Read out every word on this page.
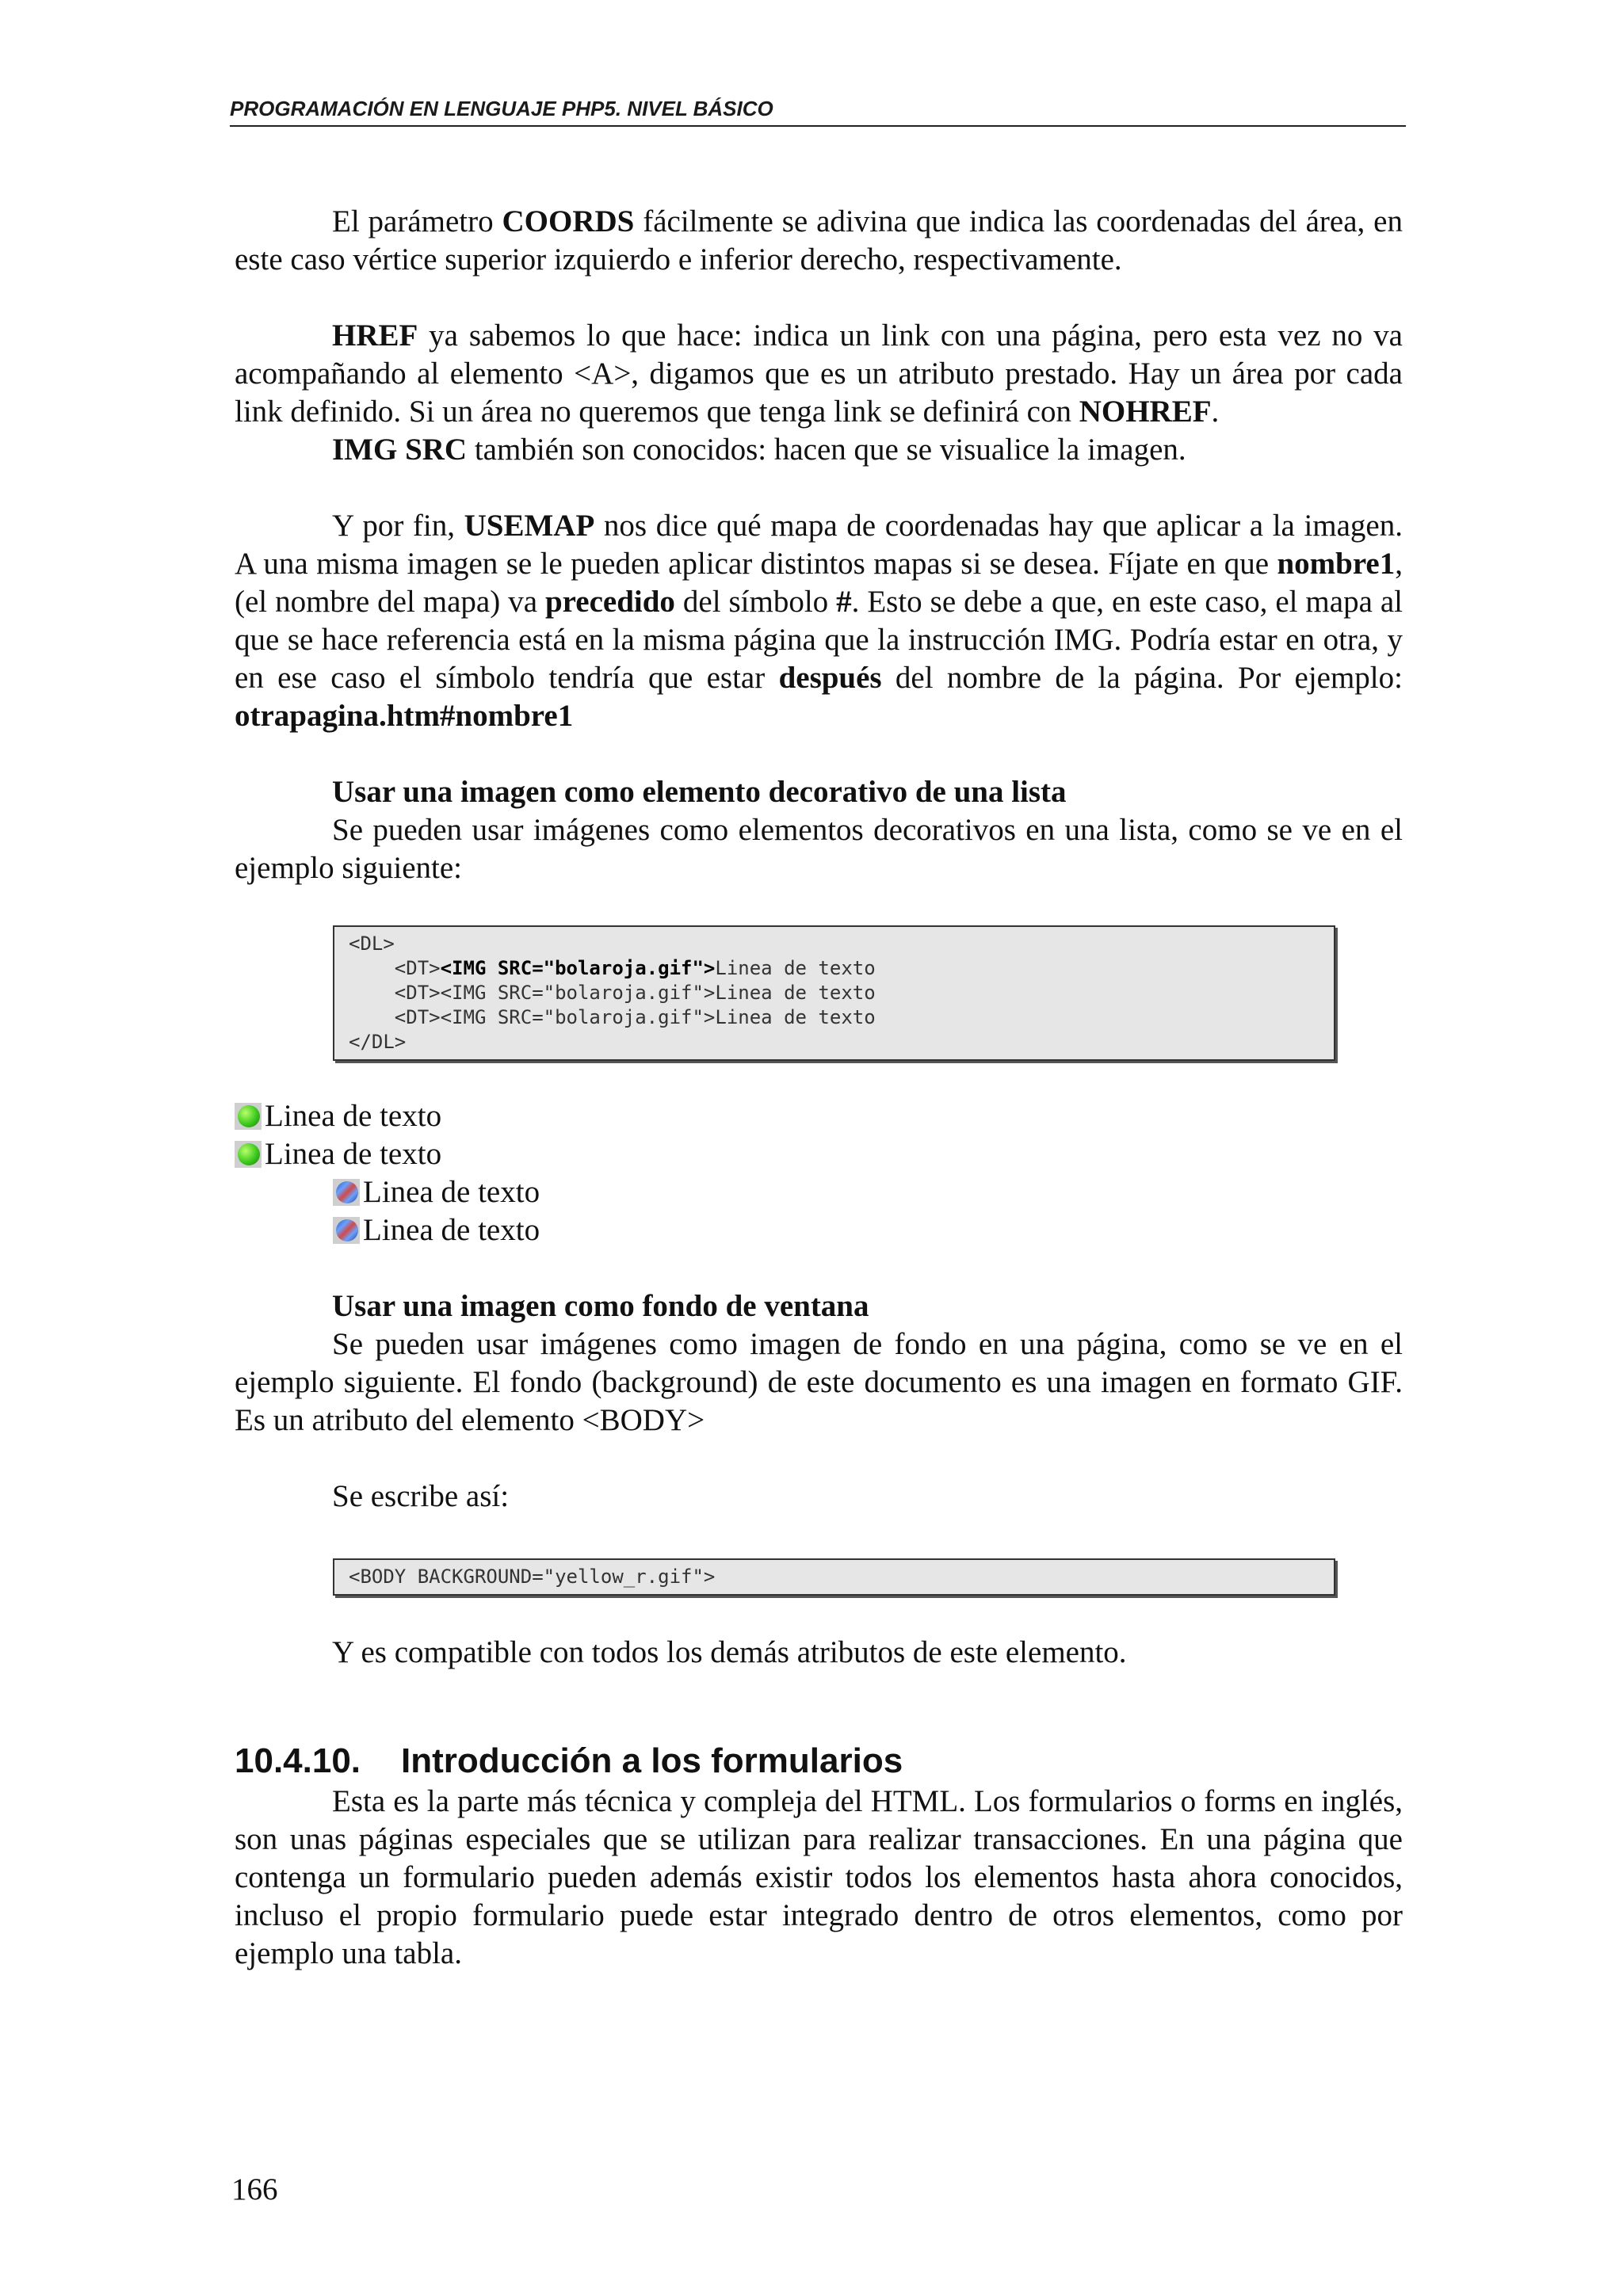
PROGRAMACIÓN EN LENGUAJE PHP5. NIVEL BÁSICO

El parámetro COORDS fácilmente se adivina que indica las coordenadas del área, en este caso vértice superior izquierdo e inferior derecho, respectivamente.

HREF ya sabemos lo que hace: indica un link con una página, pero esta vez no va acompañando al elemento <A>, digamos que es un atributo prestado. Hay un área por cada link definido. Si un área no queremos que tenga link se definirá con NOHREF.

IMG SRC también son conocidos: hacen que se visualice la imagen.

Y por fin, USEMAP nos dice qué mapa de coordenadas hay que aplicar a la imagen. A una misma imagen se le pueden aplicar distintos mapas si se desea. Fíjate en que nombre1, (el nombre del mapa) va precedido del símbolo #. Esto se debe a que, en este caso, el mapa al que se hace referencia está en la misma página que la instrucción IMG. Podría estar en otra, y en ese caso el símbolo tendría que estar después del nombre de la página. Por ejemplo: otrapagina.htm#nombre1

Usar una imagen como elemento decorativo de una lista

Se pueden usar imágenes como elementos decorativos en una lista, como se ve en el ejemplo siguiente:

<DL>
<DT><IMG SRC="bolaroja.gif">Linea de texto
<DT><IMG SRC="bolaroja.gif">Linea de texto
<DT><IMG SRC="bolaroja.gif">Linea de texto
</DL>
Linea de texto
Linea de texto
Linea de texto
Linea de texto

Usar una imagen como fondo de ventana

Se pueden usar imágenes como imagen de fondo en una página, como se ve en el ejemplo siguiente. El fondo (background) de este documento es una imagen en formato GIF. Es un atributo del elemento <BODY>

Se escribe así:

<BODY BACKGROUND="yellow_r.gif">

Y es compatible con todos los demás atributos de este elemento.

10.4.10.	Introducción a los formularios

Esta es la parte más técnica y compleja del HTML. Los formularios o forms en inglés, son unas páginas especiales que se utilizan para realizar transacciones. En una página que contenga un formulario pueden además existir todos los elementos hasta ahora conocidos, incluso el propio formulario puede estar integrado dentro de otros elementos, como por ejemplo una tabla.

166
